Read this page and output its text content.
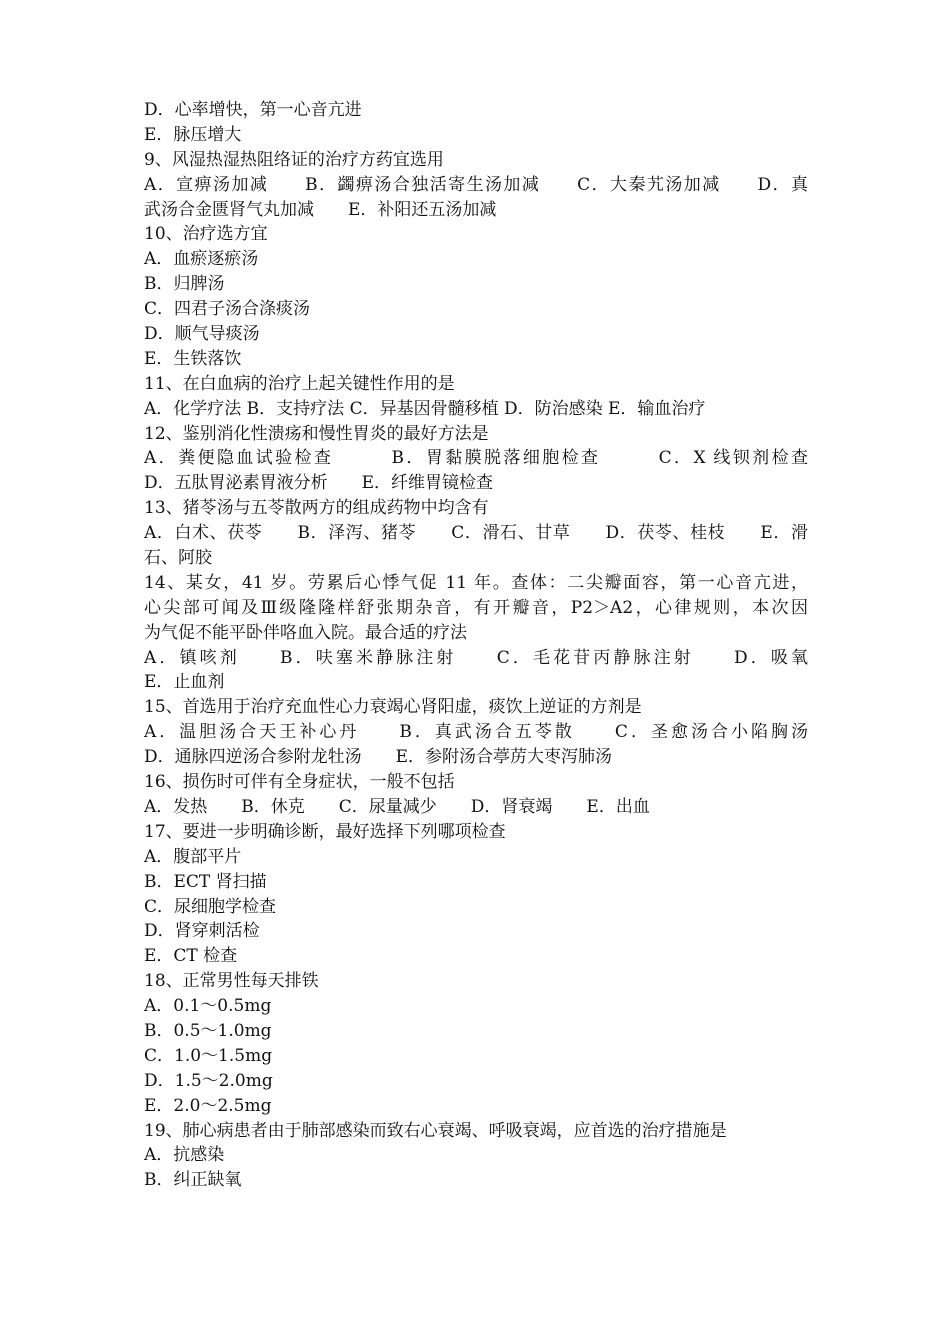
D．心率增快，第一心音亢进
E．脉压增大
9、风湿热湿热阻络证的治疗方药宜选用
A．宣痹汤加减　　B．蠲痹汤合独活寄生汤加减　　C．大秦艽汤加减　　D．真
武汤合金匮肾气丸加减　　E．补阳还五汤加减
10、治疗选方宜
A．血瘀逐瘀汤
B．归脾汤
C．四君子汤合涤痰汤
D．顺气导痰汤
E．生铁落饮
11、在白血病的治疗上起关键性作用的是
A．化学疗法 B．支持疗法 C．异基因骨髓移植 D．防治感染 E．输血治疗
12、鉴别消化性溃疡和慢性胃炎的最好方法是
A．粪便隐血试验检查　　　B．胃黏膜脱落细胞检查　　　C．X 线钡剂检查
D．五肽胃泌素胃液分析　　E．纤维胃镜检查
13、猪苓汤与五苓散两方的组成药物中均含有
A．白术、茯苓　　B．泽泻、猪苓　　C．滑石、甘草　　D．茯苓、桂枝　　E．滑
石、阿胶
14、某女，41 岁。劳累后心悸气促 11 年。查体：二尖瓣面容，第一心音亢进，
心尖部可闻及Ⅲ级隆隆样舒张期杂音，有开瓣音，P2＞A2，心律规则，本次因
为气促不能平卧伴咯血入院。最合适的疗法
A．镇咳剂　　B．呋塞米静脉注射　　C．毛花苷丙静脉注射　　D．吸氧
E．止血剂
15、首选用于治疗充血性心力衰竭心肾阳虚，痰饮上逆证的方剂是
A．温胆汤合天王补心丹　　B．真武汤合五苓散　　C．圣愈汤合小陷胸汤
D．通脉四逆汤合参附龙牡汤　　E．参附汤合葶苈大枣泻肺汤
16、损伤时可伴有全身症状，一般不包括
A．发热　　B．休克　　C．尿量减少　　D．肾衰竭　　E．出血
17、要进一步明确诊断，最好选择下列哪项检查
A．腹部平片
B．ECT 肾扫描
C．尿细胞学检查
D．肾穿刺活检
E．CT 检查
18、正常男性每天排铁
A．0.1～0.5mg
B．0.5～1.0mg
C．1.0～1.5mg
D．1.5～2.0mg
E．2.0～2.5mg
19、肺心病患者由于肺部感染而致右心衰竭、呼吸衰竭，应首选的治疗措施是
A．抗感染
B．纠正缺氧
